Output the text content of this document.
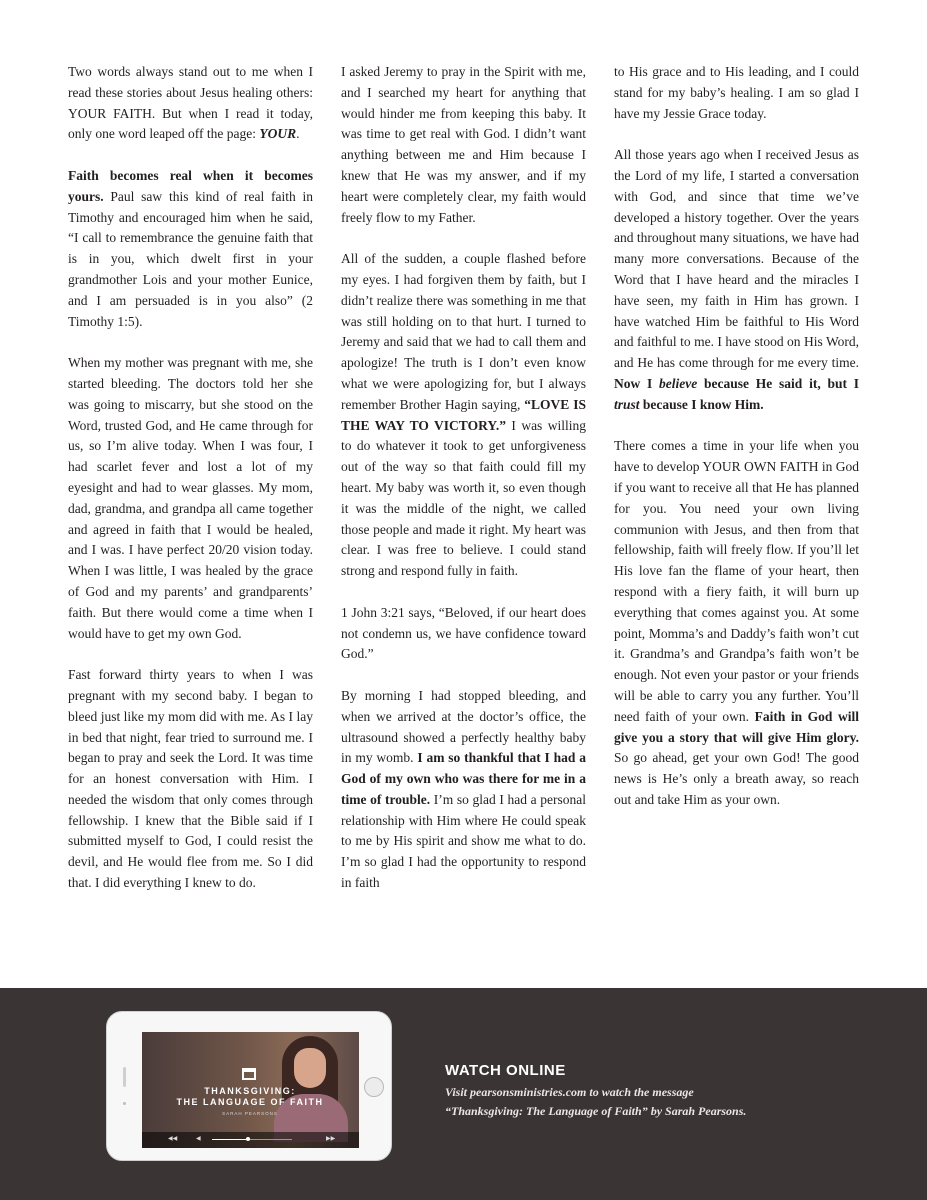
Two words always stand out to me when I read these stories about Jesus healing others: YOUR FAITH. But when I read it today, only one word leaped off the page: YOUR.

Faith becomes real when it becomes yours. Paul saw this kind of real faith in Timothy and encouraged him when he said, “I call to remembrance the genuine faith that is in you, which dwelt first in your grandmother Lois and your mother Eunice, and I am persuaded is in you also” (2 Timothy 1:5).

When my mother was pregnant with me, she started bleeding. The doctors told her she was going to miscarry, but she stood on the Word, trusted God, and He came through for us, so I’m alive today. When I was four, I had scarlet fever and lost a lot of my eyesight and had to wear glasses. My mom, dad, grandma, and grandpa all came together and agreed in faith that I would be healed, and I was. I have perfect 20/20 vision today. When I was little, I was healed by the grace of God and my parents’ and grandparents’ faith. But there would come a time when I would have to get my own God.

Fast forward thirty years to when I was pregnant with my second baby. I began to bleed just like my mom did with me. As I lay in bed that night, fear tried to surround me. I began to pray and seek the Lord. It was time for an honest conversation with Him. I needed the wisdom that only comes through fellowship. I knew that the Bible said if I submitted myself to God, I could resist the devil, and He would flee from me. So I did that. I did everything I knew to do.

I asked Jeremy to pray in the Spirit with me, and I searched my heart for anything that would hinder me from keeping this baby. It was time to get real with God. I didn’t want anything between me and Him because I knew that He was my answer, and if my heart were completely clear, my faith would freely flow to my Father.

All of the sudden, a couple flashed before my eyes. I had forgiven them by faith, but I didn’t realize there was something in me that was still holding on to that hurt. I turned to Jeremy and said that we had to call them and apologize! The truth is I don’t even know what we were apologizing for, but I always remember Brother Hagin saying, “LOVE IS THE WAY TO VICTORY.” I was willing to do whatever it took to get unforgiveness out of the way so that faith could fill my heart. My baby was worth it, so even though it was the middle of the night, we called those people and made it right. My heart was clear. I was free to believe. I could stand strong and respond fully in faith.

1 John 3:21 says, “Beloved, if our heart does not condemn us, we have confidence toward God.”

By morning I had stopped bleeding, and when we arrived at the doctor’s office, the ultrasound showed a perfectly healthy baby in my womb. I am so thankful that I had a God of my own who was there for me in a time of trouble. I’m so glad I had a personal relationship with Him where He could speak to me by His spirit and show me what to do. I’m so glad I had the opportunity to respond in faith

to His grace and to His leading, and I could stand for my baby’s healing. I am so glad I have my Jessie Grace today.

All those years ago when I received Jesus as the Lord of my life, I started a conversation with God, and since that time we’ve developed a history together. Over the years and throughout many situations, we have had many more conversations. Because of the Word that I have heard and the miracles I have seen, my faith in Him has grown. I have watched Him be faithful to His Word and faithful to me. I have stood on His Word, and He has come through for me every time. Now I believe because He said it, but I trust because I know Him.

There comes a time in your life when you have to develop YOUR OWN FAITH in God if you want to receive all that He has planned for you. You need your own living communion with Jesus, and then from that fellowship, faith will freely flow. If you’ll let His love fan the flame of your heart, then respond with a fiery faith, it will burn up everything that comes against you. At some point, Momma’s and Daddy’s faith won’t cut it. Grandma’s and Grandpa’s faith won’t be enough. Not even your pastor or your friends will be able to carry you any further. You’ll need faith of your own. Faith in God will give you a story that will give Him glory. So go ahead, get your own God! The good news is He’s only a breath away, so reach out and take Him as your own.

THANKSGIVING:
THE LANGUAGE OF FAITH
SARAH PEARSONS
◀◀	◀	▶▶
WATCH ONLINE
Visit pearsonsministries.com to watch the message
“Thanksgiving: The Language of Faith” by Sarah Pearsons.
